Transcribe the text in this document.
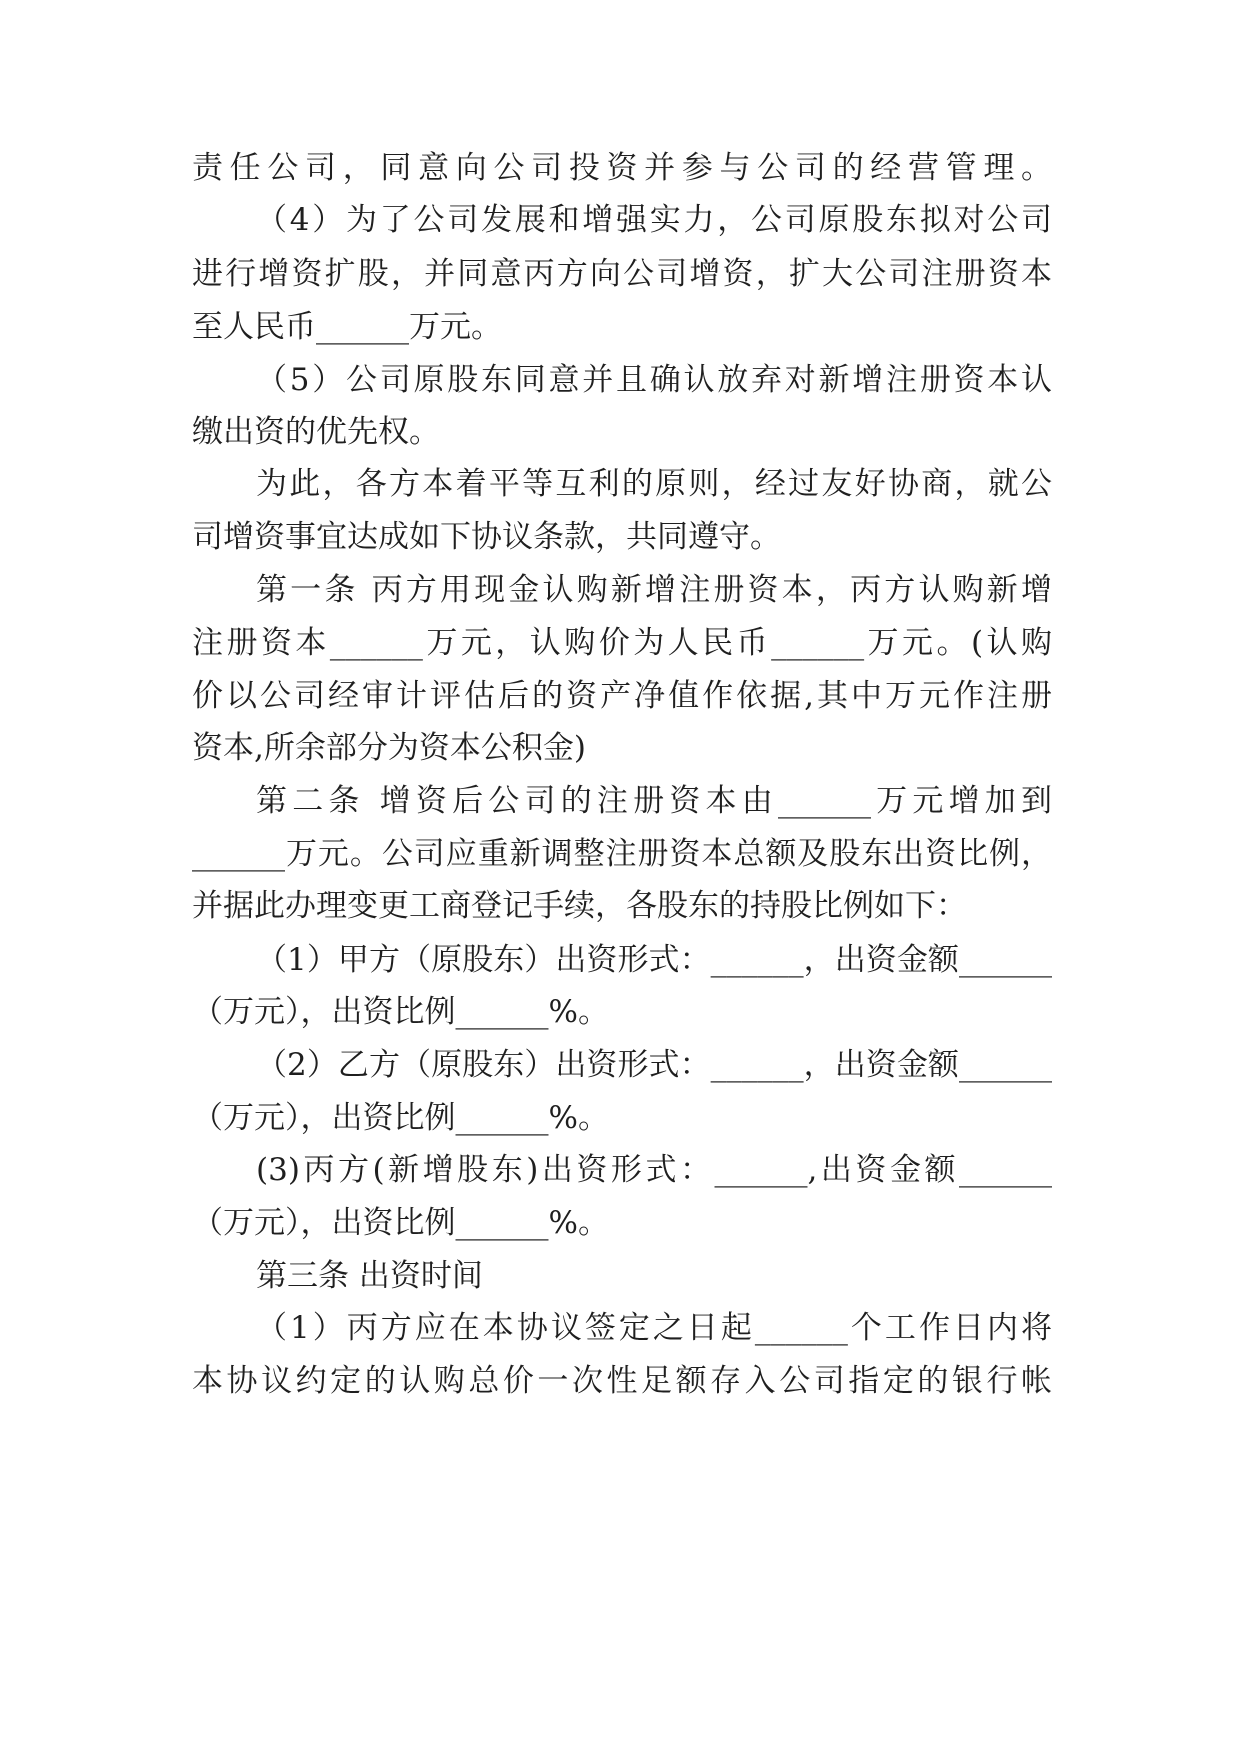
责任公司，同意向公司投资并参与公司的经营管理。
（4）为了公司发展和增强实力，公司原股东拟对公司
进行增资扩股，并同意丙方向公司增资，扩大公司注册资本
至人民币______万元。
（5）公司原股东同意并且确认放弃对新增注册资本认
缴出资的优先权。
为此，各方本着平等互利的原则，经过友好协商，就公
司增资事宜达成如下协议条款，共同遵守。
第一条 丙方用现金认购新增注册资本，丙方认购新增
注册资本______万元，认购价为人民币______万元。(认购
价以公司经审计评估后的资产净值作依据,其中万元作注册
资本,所余部分为资本公积金)
第二条 增资后公司的注册资本由______万元增加到
______万元。公司应重新调整注册资本总额及股东出资比例，
并据此办理变更工商登记手续，各股东的持股比例如下：
（1）甲方（原股东）出资形式：______，出资金额______
（万元），出资比例______%。
（2）乙方（原股东）出资形式：______，出资金额______
（万元），出资比例______%。
(3)丙方(新增股东)出资形式：______,出资金额______
（万元），出资比例______%。
第三条 出资时间
（1）丙方应在本协议签定之日起______个工作日内将
本协议约定的认购总价一次性足额存入公司指定的银行帐
